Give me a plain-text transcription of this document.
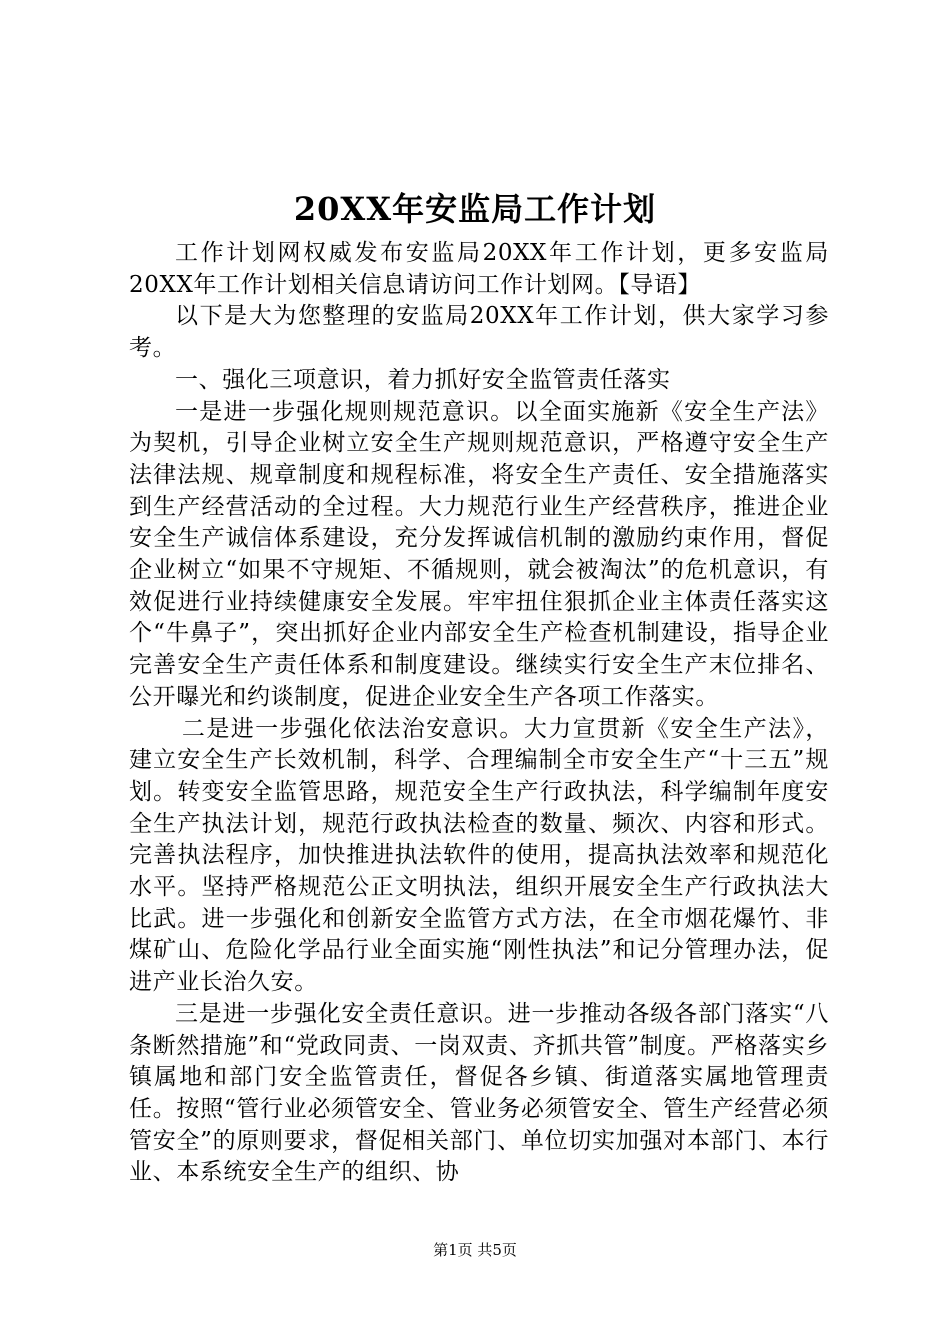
20XX年安监局工作计划

工作计划网权威发布安监局20XX年工作计划，更多安监局20XX年工作计划相关信息请访问工作计划网。【导语】

以下是大为您整理的安监局20XX年工作计划，供大家学习参考。

一、强化三项意识，着力抓好安全监管责任落实

一是进一步强化规则规范意识。以全面实施新《安全生产法》为契机，引导企业树立安全生产规则规范意识，严格遵守安全生产法律法规、规章制度和规程标准，将安全生产责任、安全措施落实到生产经营活动的全过程。大力规范行业生产经营秩序，推进企业安全生产诚信体系建设，充分发挥诚信机制的激励约束作用，督促企业树立“如果不守规矩、不循规则，就会被淘汰”的危机意识，有效促进行业持续健康安全发展。牢牢扭住狠抓企业主体责任落实这个“牛鼻子”，突出抓好企业内部安全生产检查机制建设，指导企业完善安全生产责任体系和制度建设。继续实行安全生产末位排名、公开曝光和约谈制度，促进企业安全生产各项工作落实。

二是进一步强化依法治安意识。大力宣贯新《安全生产法》，建立安全生产长效机制，科学、合理编制全市安全生产“十三五”规划。转变安全监管思路，规范安全生产行政执法，科学编制年度安全生产执法计划，规范行政执法检查的数量、频次、内容和形式。完善执法程序，加快推进执法软件的使用，提高执法效率和规范化水平。坚持严格规范公正文明执法，组织开展安全生产行政执法大比武。进一步强化和创新安全监管方式方法，在全市烟花爆竹、非煤矿山、危险化学品行业全面实施“刚性执法”和记分管理办法，促进产业长治久安。

三是进一步强化安全责任意识。进一步推动各级各部门落实“八条断然措施”和“党政同责、一岗双责、齐抓共管”制度。严格落实乡镇属地和部门安全监管责任，督促各乡镇、街道落实属地管理责任。按照“管行业必须管安全、管业务必须管安全、管生产经营必须管安全”的原则要求，督促相关部门、单位切实加强对本部门、本行业、本系统安全生产的组织、协

第1页 共5页
